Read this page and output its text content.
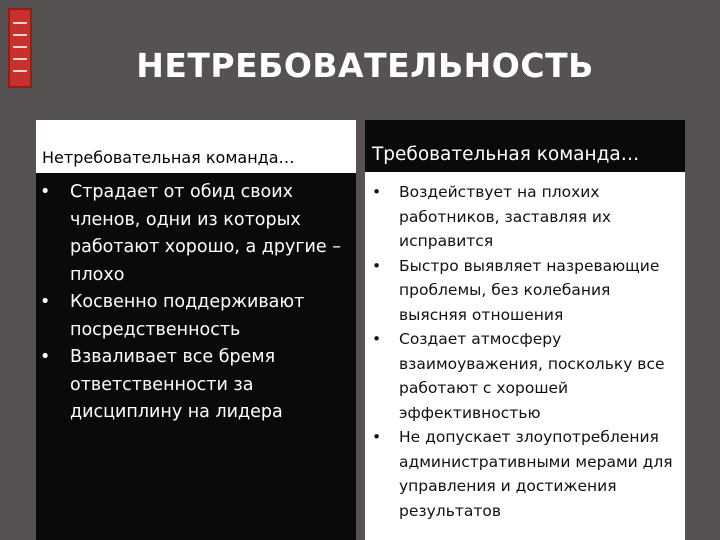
НЕТРЕБОВАТЕЛЬНОСТЬ
Нетребовательная команда…
• Страдает от обид своих членов, одни из которых работают хорошо, а другие – плохо
• Косвенно поддерживают посредственность
• Взваливает все бремя ответственности за дисциплину на лидера
Требовательная команда…
• Воздействует на плохих работников, заставляя их исправится
• Быстро выявляет назревающие проблемы, без колебания выясняя отношения
• Создает атмосферу взаимоуважения, поскольку все работают с хорошей эффективностью
• Не допускает злоупотребления административными мерами для управления и достижения результатов
